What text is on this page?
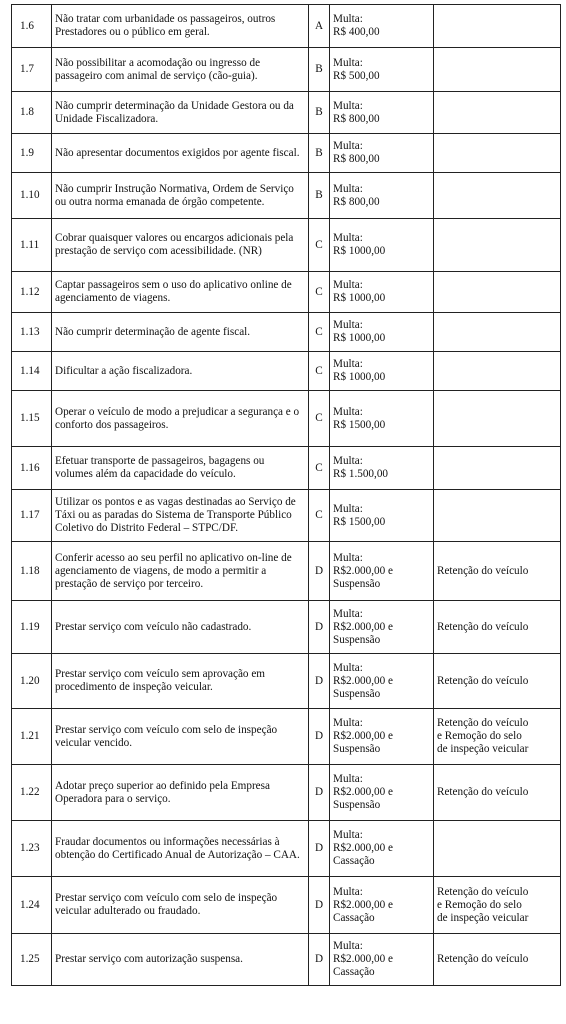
1.6	Não tratar com urbanidade os passageiros, outros Prestadores ou o público em geral.	A	Multa:
R$ 400,00	

1.7	Não possibilitar a acomodação ou ingresso de passageiro com animal de serviço (cão-guia).	B	Multa:
R$ 500,00	

1.8	Não cumprir determinação da Unidade Gestora ou da Unidade Fiscalizadora.	B	Multa:
R$ 800,00	

1.9	Não apresentar documentos exigidos por agente fiscal.	B	Multa:
R$ 800,00	

1.10	Não cumprir Instrução Normativa, Ordem de Serviço ou outra norma emanada de órgão competente.	B	Multa:
R$ 800,00	

1.11	Cobrar quaisquer valores ou encargos adicionais pela prestação de serviço com acessibilidade. (NR)	C	Multa:
R$ 1000,00	

1.12	Captar passageiros sem o uso do aplicativo online de agenciamento de viagens.	C	Multa:
R$ 1000,00	

1.13	Não cumprir determinação de agente fiscal.	C	Multa:
R$ 1000,00	

1.14	Dificultar a ação fiscalizadora.	C	Multa:
R$ 1000,00	

1.15	Operar o veículo de modo a prejudicar a segurança e o conforto dos passageiros.	C	Multa:
R$ 1500,00	

1.16	Efetuar transporte de passageiros, bagagens ou volumes além da capacidade do veículo.	C	Multa:
R$ 1.500,00	

1.17	Utilizar os pontos e as vagas destinadas ao Serviço de Táxi ou as paradas do Sistema de Transporte Público Coletivo do Distrito Federal – STPC/DF.	C	Multa:
R$ 1500,00	

1.18	Conferir acesso ao seu perfil no aplicativo on-line de agenciamento de viagens, de modo a permitir a prestação de serviço por terceiro.	D	Multa:
R$2.000,00 e
Suspensão	Retenção do veículo

1.19	Prestar serviço com veículo não cadastrado.	D	Multa:
R$2.000,00 e
Suspensão	Retenção do veículo

1.20	Prestar serviço com veículo sem aprovação em procedimento de inspeção veicular.	D	Multa:
R$2.000,00 e
Suspensão	Retenção do veículo

1.21	Prestar serviço com veículo com selo de inspeção veicular vencido.	D	Multa:
R$2.000,00 e
Suspensão	Retenção do veículo
e Remoção do selo
de inspeção veicular

1.22	Adotar preço superior ao definido pela Empresa Operadora para o serviço.	D	Multa:
R$2.000,00 e
Suspensão	Retenção do veículo

1.23	Fraudar documentos ou informações necessárias à obtenção do Certificado Anual de Autorização – CAA.	D	Multa:
R$2.000,00 e
Cassação	

1.24	Prestar serviço com veículo com selo de inspeção veicular adulterado ou fraudado.	D	Multa:
R$2.000,00 e
Cassação	Retenção do veículo
e Remoção do selo
de inspeção veicular

1.25	Prestar serviço com autorização suspensa.	D	Multa:
R$2.000,00 e
Cassação	Retenção do veículo
